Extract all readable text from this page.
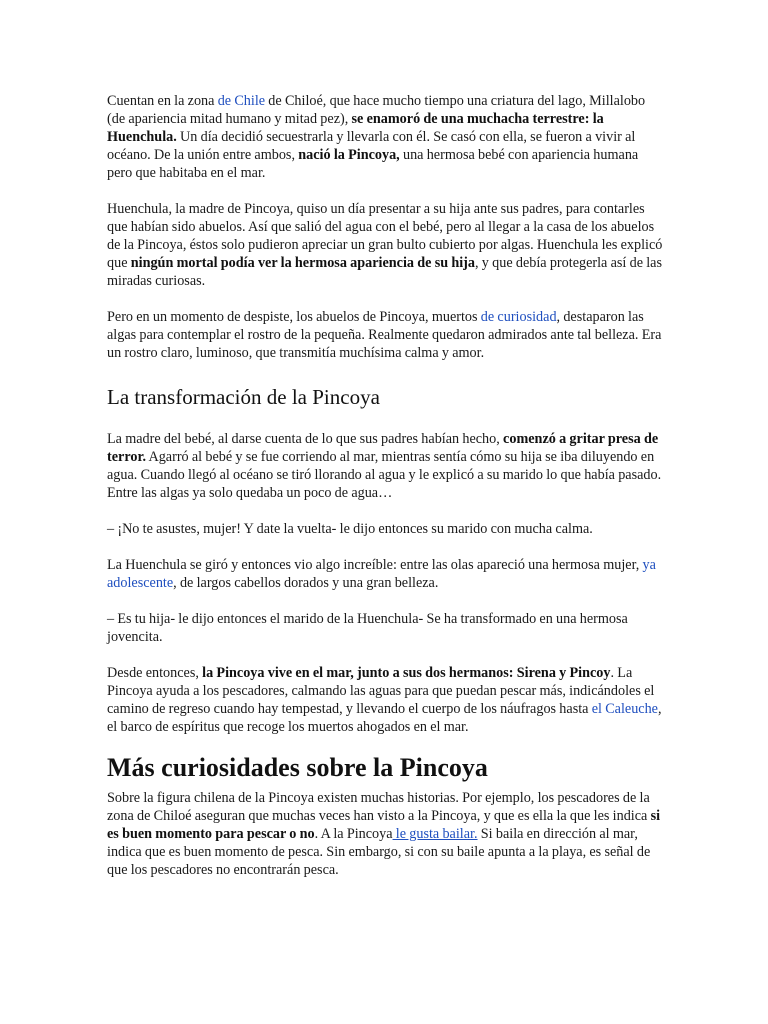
Cuentan en la zona de Chile de Chiloé, que hace mucho tiempo una criatura del lago, Millalobo (de apariencia mitad humano y mitad pez), se enamoró de una muchacha terrestre: la Huenchula. Un día decidió secuestrarla y llevarla con él. Se casó con ella, se fueron a vivir al océano. De la unión entre ambos, nació la Pincoya, una hermosa bebé con apariencia humana pero que habitaba en el mar.

Huenchula, la madre de Pincoya, quiso un día presentar a su hija ante sus padres, para contarles que habían sido abuelos. Así que salió del agua con el bebé, pero al llegar a la casa de los abuelos de la Pincoya, éstos solo pudieron apreciar un gran bulto cubierto por algas. Huenchula les explicó que ningún mortal podía ver la hermosa apariencia de su hija, y que debía protegerla así de las miradas curiosas.

Pero en un momento de despiste, los abuelos de Pincoya, muertos de curiosidad, destaparon las algas para contemplar el rostro de la pequeña. Realmente quedaron admirados ante tal belleza. Era un rostro claro, luminoso, que transmitía muchísima calma y amor.

La transformación de la Pincoya

La madre del bebé, al darse cuenta de lo que sus padres habían hecho, comenzó a gritar presa de terror. Agarró al bebé y se fue corriendo al mar, mientras sentía cómo su hija se iba diluyendo en agua. Cuando llegó al océano se tiró llorando al agua y le explicó a su marido lo que había pasado. Entre las algas ya solo quedaba un poco de agua…

– ¡No te asustes, mujer! Y date la vuelta- le dijo entonces su marido con mucha calma.

La Huenchula se giró y entonces vio algo increíble: entre las olas apareció una hermosa mujer, ya adolescente, de largos cabellos dorados y una gran belleza.

– Es tu hija- le dijo entonces el marido de la Huenchula- Se ha transformado en una hermosa jovencita.

Desde entonces, la Pincoya vive en el mar, junto a sus dos hermanos: Sirena y Pincoy. La Pincoya ayuda a los pescadores, calmando las aguas para que puedan pescar más, indicándoles el camino de regreso cuando hay tempestad, y llevando el cuerpo de los náufragos hasta el Caleuche, el barco de espíritus que recoge los muertos ahogados en el mar.

Más curiosidades sobre la Pincoya

Sobre la figura chilena de la Pincoya existen muchas historias. Por ejemplo, los pescadores de la zona de Chiloé aseguran que muchas veces han visto a la Pincoya, y que es ella la que les indica si es buen momento para pescar o no. A la Pincoya le gusta bailar. Si baila en dirección al mar, indica que es buen momento de pesca. Sin embargo, si con su baile apunta a la playa, es señal de que los pescadores no encontrarán pesca.
